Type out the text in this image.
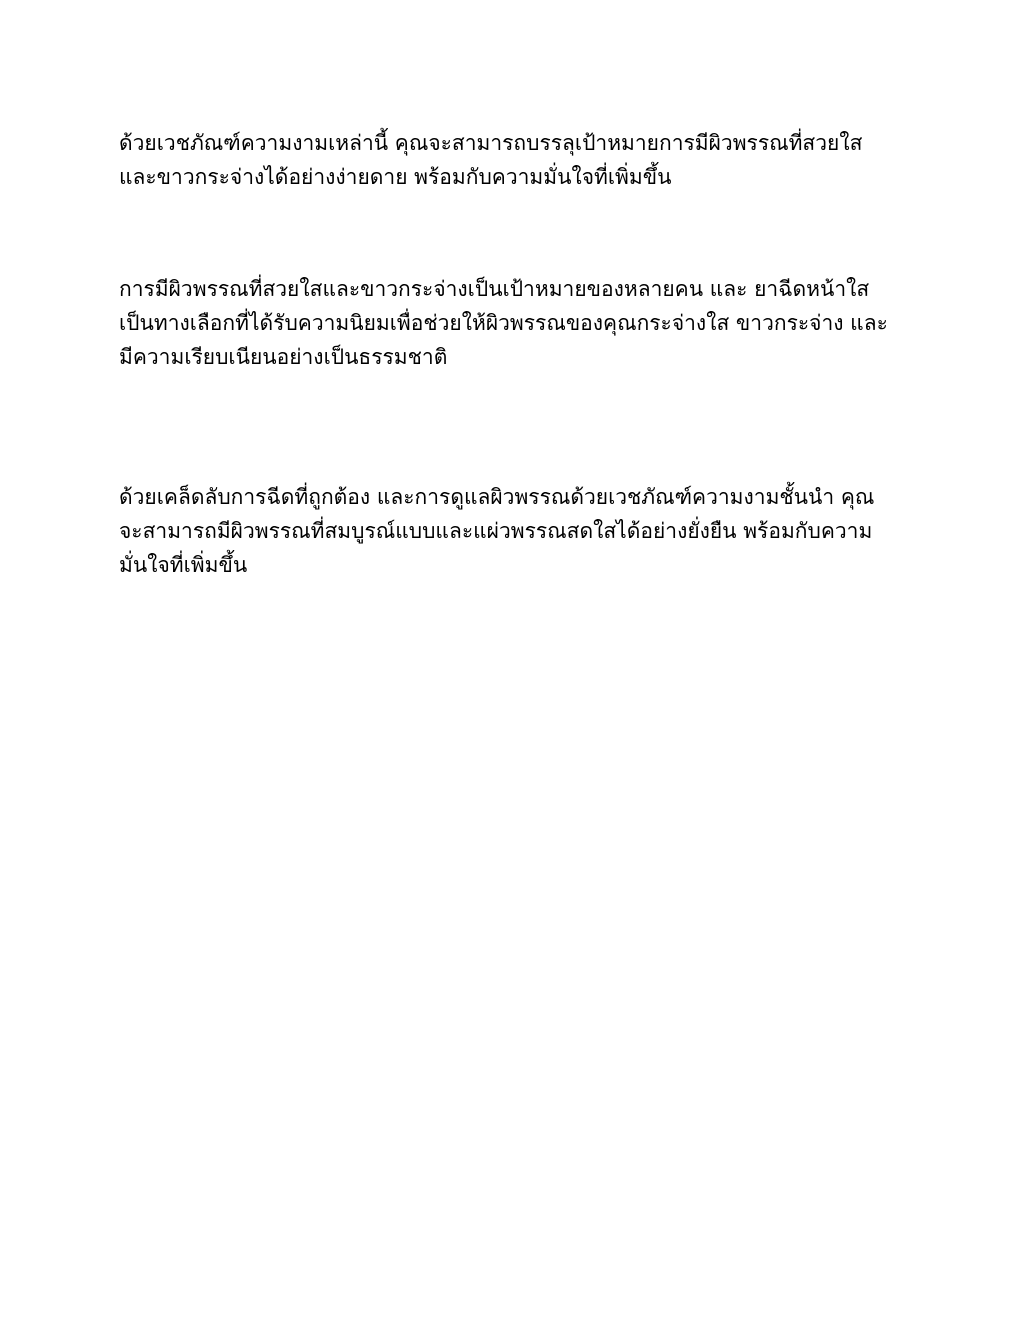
ด้วยเวชภัณฑ์ความงามเหล่านี้ คุณจะสามารถบรรลุเป้าหมายการมีผิวพรรณที่สวยใส
และขาวกระจ่างได้อย่างง่ายดาย พร้อมกับความมั่นใจที่เพิ่มขึ้น

การมีผิวพรรณที่สวยใสและขาวกระจ่างเป็นเป้าหมายของหลายคน และ ยาฉีดหน้าใส
เป็นทางเลือกที่ได้รับความนิยมเพื่อช่วยให้ผิวพรรณของคุณกระจ่างใส ขาวกระจ่าง และ
มีความเรียบเนียนอย่างเป็นธรรมชาติ

ด้วยเคล็ดลับการฉีดที่ถูกต้อง และการดูแลผิวพรรณด้วยเวชภัณฑ์ความงามชั้นนำ คุณ
จะสามารถมีผิวพรรณที่สมบูรณ์แบบและแผ่วพรรณสดใสได้อย่างยั่งยืน พร้อมกับความ
มั่นใจที่เพิ่มขึ้น
